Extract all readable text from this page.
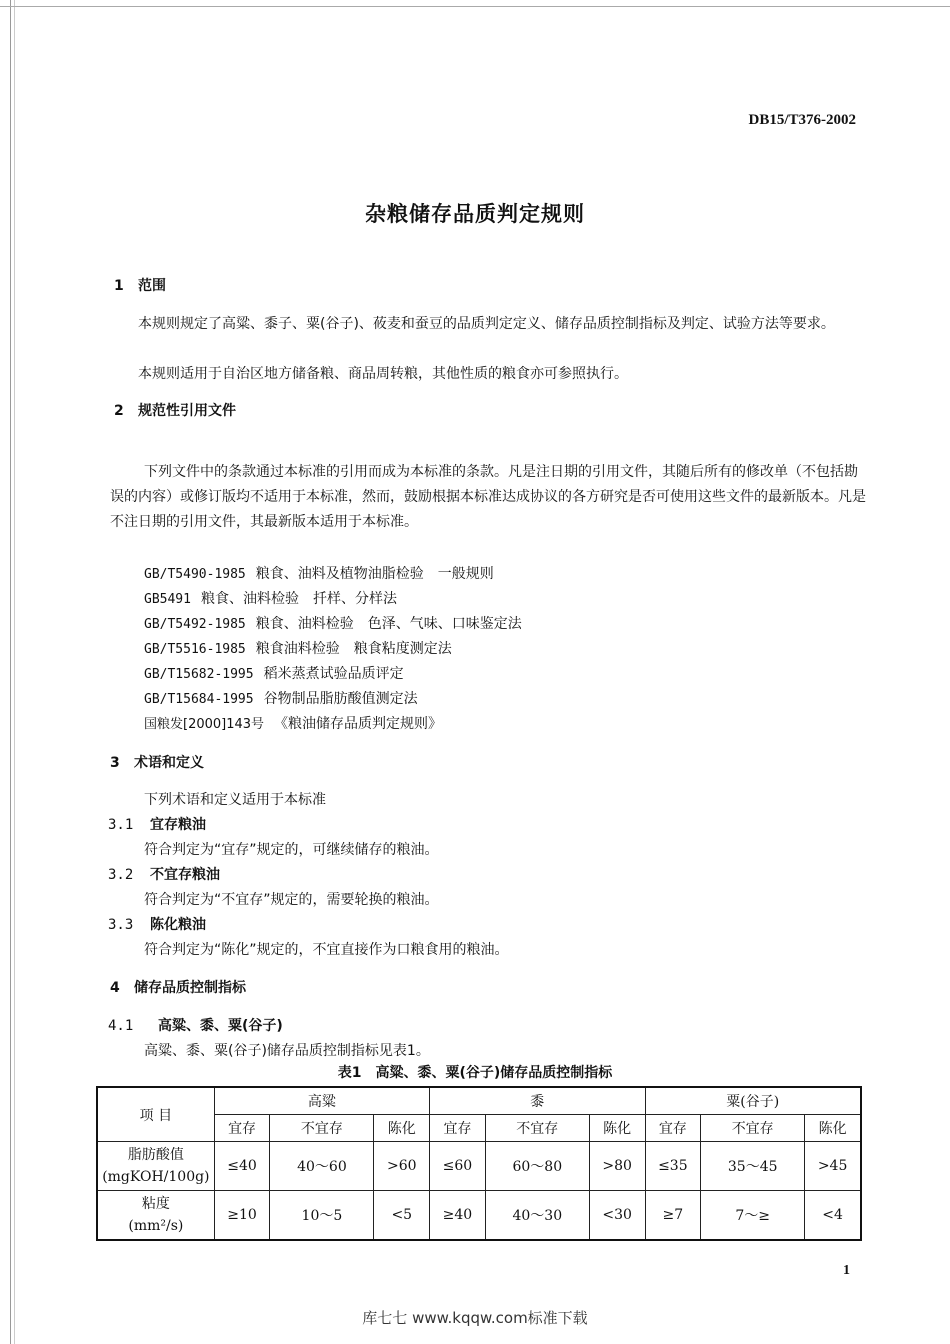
DB15/T376-2002
杂粮储存品质判定规则
1 范围
本规则规定了高粱、黍子、粟(谷子)、莜麦和蚕豆的品质判定定义、储存品质控制指标及判定、试验方法等要求。
本规则适用于自治区地方储备粮、商品周转粮，其他性质的粮食亦可参照执行。
2 规范性引用文件
下列文件中的条款通过本标准的引用而成为本标准的条款。凡是注日期的引用文件，其随后所有的修改单（不包括勘误的内容）或修订版均不适用于本标准，然而，鼓励根据本标准达成协议的各方研究是否可使用这些文件的最新版本。凡是不注日期的引用文件，其最新版本适用于本标准。
GB/T5490-1985 粮食、油料及植物油脂检验　一般规则
GB5491 粮食、油料检验　扦样、分样法
GB/T5492-1985 粮食、油料检验　色泽、气味、口味鉴定法
GB/T5516-1985 粮食油料检验　粮食粘度测定法
GB/T15682-1995 稻米蒸煮试验品质评定
GB/T15684-1995 谷物制品脂肪酸值测定法
国粮发[2000]143号 《粮油储存品质判定规则》
3 术语和定义
下列术语和定义适用于本标准
3.1 宜存粮油
符合判定为“宜存”规定的，可继续储存的粮油。
3.2 不宜存粮油
符合判定为“不宜存”规定的，需要轮换的粮油。
3.3 陈化粮油
符合判定为“陈化”规定的，不宜直接作为口粮食用的粮油。
4 储存品质控制指标
4.1 高粱、黍、粟(谷子)
高粱、黍、粟(谷子)储存品质控制指标见表1。
表1　高粱、黍、粟(谷子)储存品质控制指标
项 目	高粱			黍			粟(谷子)		
	宜存	不宜存	陈化	宜存	不宜存	陈化	宜存	不宜存	陈化
脂肪酸值
(mgKOH/100g)	≤40	40～60	>60	≤60	60～80	>80	≤35	35～45	>45
粘度
(mm²/s)	≥10	10～5	<5	≥40	40～30	<30	≥7	7～≥	<4
1
库七七 www.kqqw.com标准下载
